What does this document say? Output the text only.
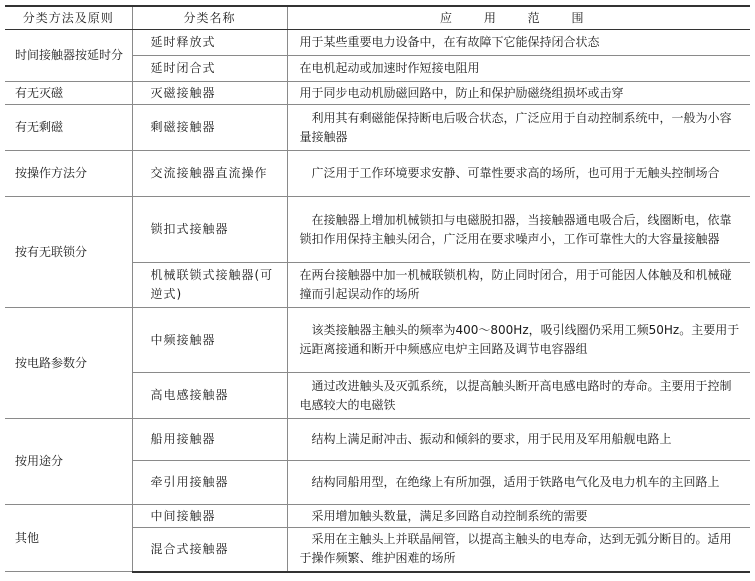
分类方法及原则	分类名称	应 用 范 围
时间接触器按延时分	延时释放式	用于某些重要电力设备中，在有故障下它能保持闭合状态
	延时闭合式	在电机起动或加速时作短接电阻用
有无灭磁	灭磁接触器	用于同步电动机励磁回路中，防止和保护励磁绕组损坏或击穿
有无剩磁	剩磁接触器	利用其有剩磁能保持断电后吸合状态，广泛应用于自动控制系统中，一般为小容量接触器
按操作方法分	交流接触器直流操作	广泛用于工作环境要求安静、可靠性要求高的场所，也可用于无触头控制场合
按有无联锁分	锁扣式接触器	在接触器上增加机械锁扣与电磁脱扣器，当接触器通电吸合后，线圈断电，依靠锁扣作用保持主触头闭合，广泛用在要求噪声小，工作可靠性大的大容量接触器
	机械联锁式接触器(可逆式)	在两台接触器中加一机械联锁机构，防止同时闭合，用于可能因人体触及和机械碰撞而引起误动作的场所
按电路参数分	中频接触器	该类接触器主触头的频率为400～800Hz，吸引线圈仍采用工频50Hz。主要用于远距离接通和断开中频感应电炉主回路及调节电容器组
	高电感接触器	通过改进触头及灭弧系统，以提高触头断开高电感电路时的寿命。主要用于控制电感较大的电磁铁
按用途分	船用接触器	结构上满足耐冲击、振动和倾斜的要求，用于民用及军用船舰电路上
	牵引用接触器	结构同船用型，在绝缘上有所加强，适用于铁路电气化及电力机车的主回路上
其他	中间接触器	采用增加触头数量，满足多回路自动控制系统的需要
	混合式接触器	采用在主触头上并联晶闸管，以提高主触头的电寿命，达到无弧分断目的。适用于操作频繁、维护困难的场所
